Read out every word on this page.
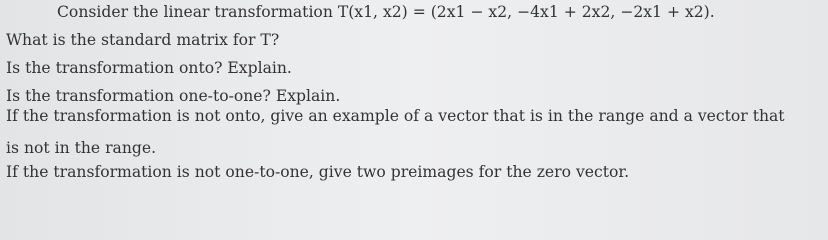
Consider the linear transformation T(x1, x2) = (2x1 − x2, −4x1 + 2x2, −2x1 + x2).
What is the standard matrix for T?
Is the transformation onto? Explain.
Is the transformation one-to-one? Explain.
If the transformation is not onto, give an example of a vector that is in the range and a vector that
is not in the range.
If the transformation is not one-to-one, give two preimages for the zero vector.
